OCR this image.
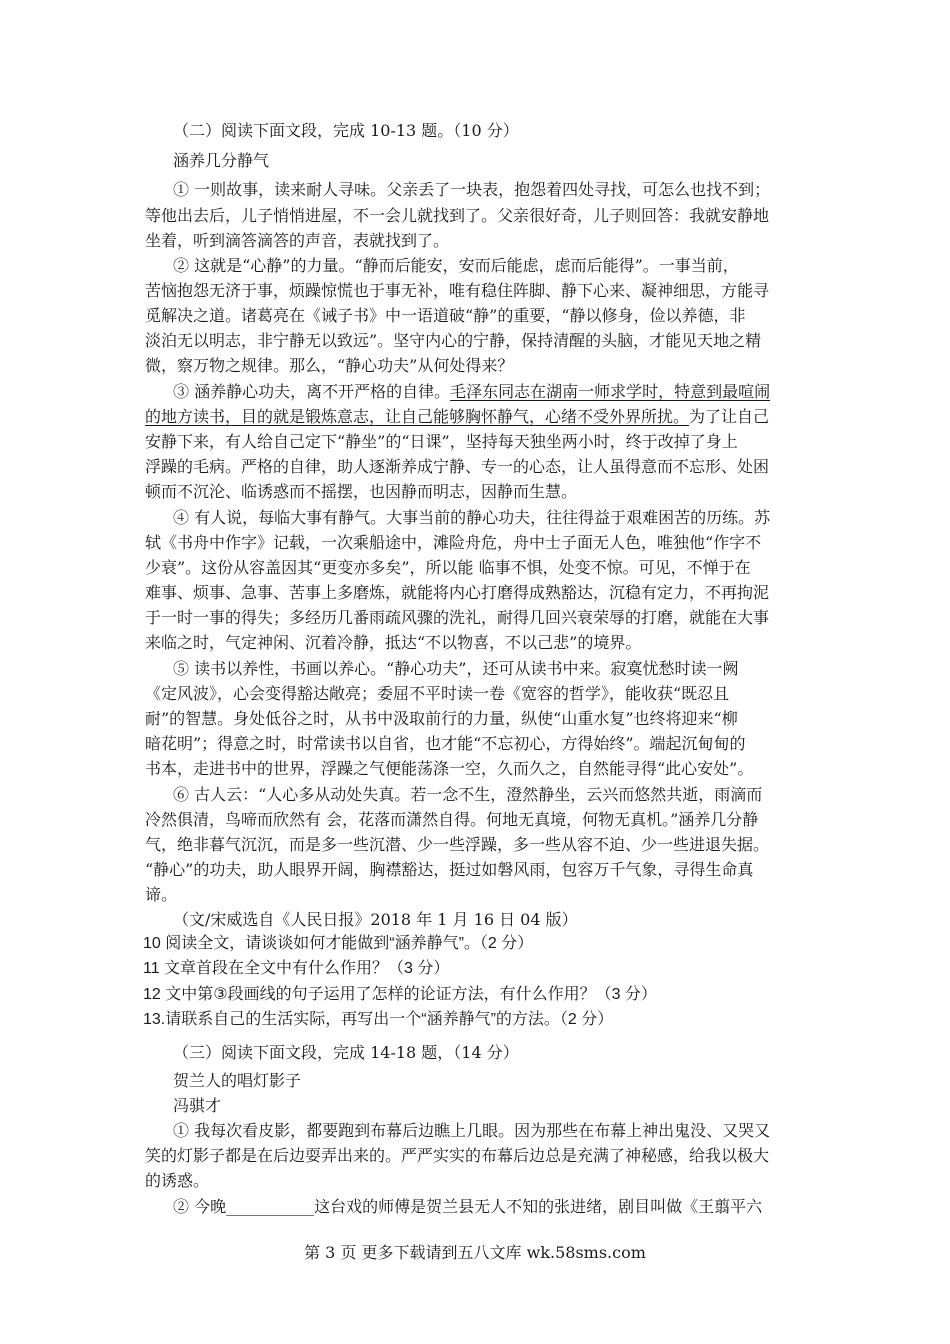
（二）阅读下面文段，完成 10-13 题。（10 分）
涵养几分静气
① 一则故事，读来耐人寻味。父亲丢了一块表，抱怨着四处寻找，可怎么也找不到；
等他出去后，儿子悄悄进屋，不一会儿就找到了。父亲很好奇，儿子则回答：我就安静地
坐着，听到滴答滴答的声音，表就找到了。
② 这就是“心静”的力量。“静而后能安，安而后能虑，虑而后能得”。一事当前，
苦恼抱怨无济于事，烦躁惊慌也于事无补，唯有稳住阵脚、静下心来、凝神细思，方能寻
觅解决之道。诸葛亮在《诫子书》中一语道破“静”的重要，“静以修身，俭以养德，非
淡泊无以明志，非宁静无以致远”。坚守内心的宁静，保持清醒的头脑，才能见天地之精
微，察万物之规律。那么，“静心功夫”从何处得来？
③ 涵养静心功夫，离不开严格的自律。毛泽东同志在湖南一师求学时，特意到最喧闹
的地方读书，目的就是锻炼意志，让自己能够胸怀静气，心绪不受外界所扰。为了让自己
安静下来，有人给自己定下“静坐”的“日课”，坚持每天独坐两小时，终于改掉了身上
浮躁的毛病。严格的自律，助人逐渐养成宁静、专一的心态，让人虽得意而不忘形、处困
顿而不沉沦、临诱惑而不摇摆，也因静而明志，因静而生慧。
④ 有人说，每临大事有静气。大事当前的静心功夫，往往得益于艰难困苦的历练。苏
轼《书舟中作字》记载，一次乘船途中，滩险舟危，舟中士子面无人色，唯独他“作字不
少衰”。这份从容盖因其“更变亦多矣”，所以能 临事不惧，处变不惊。可见，不惮于在
难事、烦事、急事、苦事上多磨炼，就能将内心打磨得成熟豁达，沉稳有定力，不再拘泥
于一时一事的得失；多经历几番雨疏风骤的洗礼，耐得几回兴衰荣辱的打磨，就能在大事
来临之时，气定神闲、沉着冷静，抵达“不以物喜，不以己悲”的境界。
⑤ 读书以养性，书画以养心。“静心功夫”，还可从读书中来。寂寞忧愁时读一阙
《定风波》，心会变得豁达敞亮；委屈不平时读一卷《宽容的哲学》，能收获“既忍且
耐”的智慧。身处低谷之时，从书中汲取前行的力量，纵使“山重水复”也终将迎来“柳
暗花明”；得意之时，时常读书以自省，也才能“不忘初心，方得始终”。端起沉甸甸的
书本，走进书中的世界，浮躁之气便能荡涤一空，久而久之，自然能寻得“此心安处”。
⑥ 古人云：“人心多从动处失真。若一念不生，澄然静坐，云兴而悠然共逝，雨滴而
冷然俱清，鸟啼而欣然有 会，花落而潇然自得。何地无真境，何物无真机。”涵养几分静
气，绝非暮气沉沉，而是多一些沉潜、少一些浮躁，多一些从容不迫、少一些进退失据。
“静心”的功夫，助人眼界开阔，胸襟豁达，挺过如磐风雨，包容万千气象，寻得生命真
谛。
（文/宋威选自《人民日报》2018 年 1 月 16 日 04 版）
10 阅读全文，请谈谈如何才能做到“涵养静气”。（2 分）
11 文章首段在全文中有什么作用？（3 分）
12 文中第③段画线的句子运用了怎样的论证方法，有什么作用？（3 分）
13.请联系自己的生活实际，再写出一个“涵养静气”的方法。（2 分）
（三）阅读下面文段，完成 14-18 题，（14 分）
贺兰人的唱灯影子
冯骐才
① 我每次看皮影，都要跑到布幕后边瞧上几眼。因为那些在布幕上神出鬼没、又哭又
笑的灯影子都是在后边耍弄出来的。严严实实的布幕后边总是充满了神秘感，给我以极大
的诱惑。
② 今晚___________这台戏的师傅是贺兰县无人不知的张进绪，剧目叫做《王翦平六
第 3 页 更多下载请到五八文库 wk.58sms.com
